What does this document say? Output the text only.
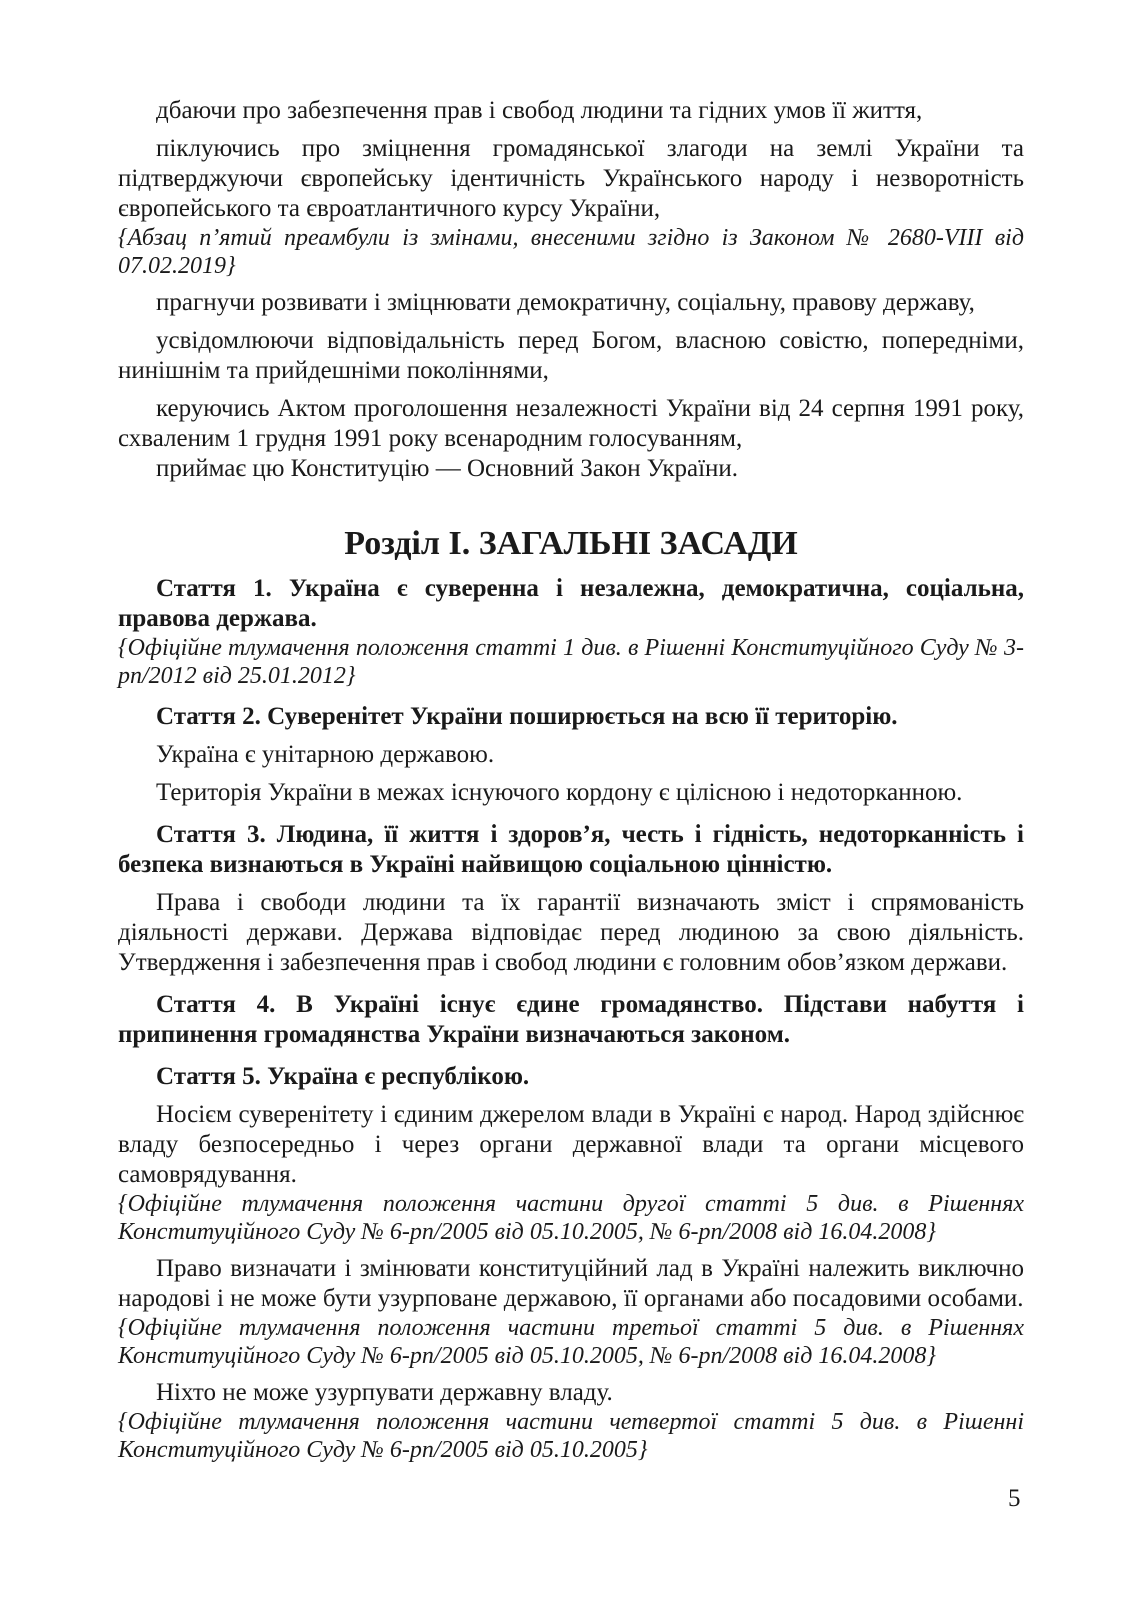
дбаючи про забезпечення прав і свобод людини та гідних умов її життя,

піклуючись про зміцнення громадянської злагоди на землі України та підтверджуючи європейську ідентичність Українського народу і незворотність європейського та євроатлантичного курсу України,

{Абзац п’ятий преамбули із змінами, внесеними згідно із Законом № 2680-VIII від 07.02.2019}

прагнучи розвивати і зміцнювати демократичну, соціальну, правову державу,

усвідомлюючи відповідальність перед Богом, власною совістю, попередніми, нинішнім та прийдешніми поколіннями,

керуючись Актом проголошення незалежності України від 24 серпня 1991 року, схваленим 1 грудня 1991 року всенародним голосуванням,

приймає цю Конституцію — Основний Закон України.

Розділ I. ЗАГАЛЬНІ ЗАСАДИ

Стаття 1. Україна є суверенна і незалежна, демократична, соціальна, правова держава.

{Офіційне тлумачення положення статті 1 див. в Рішенні Конституційного Суду № 3-рп/2012 від 25.01.2012}

Стаття 2. Суверенітет України поширюється на всю її територію.

Україна є унітарною державою.

Територія України в межах існуючого кордону є цілісною і недоторканною.

Стаття 3. Людина, її життя і здоров’я, честь і гідність, недоторканність і безпека визнаються в Україні найвищою соціальною цінністю.

Права і свободи людини та їх гарантії визначають зміст і спрямованість діяльності держави. Держава відповідає перед людиною за свою діяльність. Утвердження і забезпечення прав і свобод людини є головним обов’язком держави.

Стаття 4. В Україні існує єдине громадянство. Підстави набуття і припинення громадянства України визначаються законом.

Стаття 5. Україна є республікою.

Носієм суверенітету і єдиним джерелом влади в Україні є народ. Народ здійснює владу безпосередньо і через органи державної влади та органи місцевого самоврядування.

{Офіційне тлумачення положення частини другої статті 5 див. в Рішеннях Конституційного Суду № 6-рп/2005 від 05.10.2005, № 6-рп/2008 від 16.04.2008}

Право визначати і змінювати конституційний лад в Україні належить виключно народові і не може бути узурповане державою, її органами або посадовими особами.

{Офіційне тлумачення положення частини третьої статті 5 див. в Рішеннях Конституційного Суду № 6-рп/2005 від 05.10.2005, № 6-рп/2008 від 16.04.2008}

Ніхто не може узурпувати державну владу.

{Офіційне тлумачення положення частини четвертої статті 5 див. в Рішенні Конституційного Суду № 6-рп/2005 від 05.10.2005}

5
